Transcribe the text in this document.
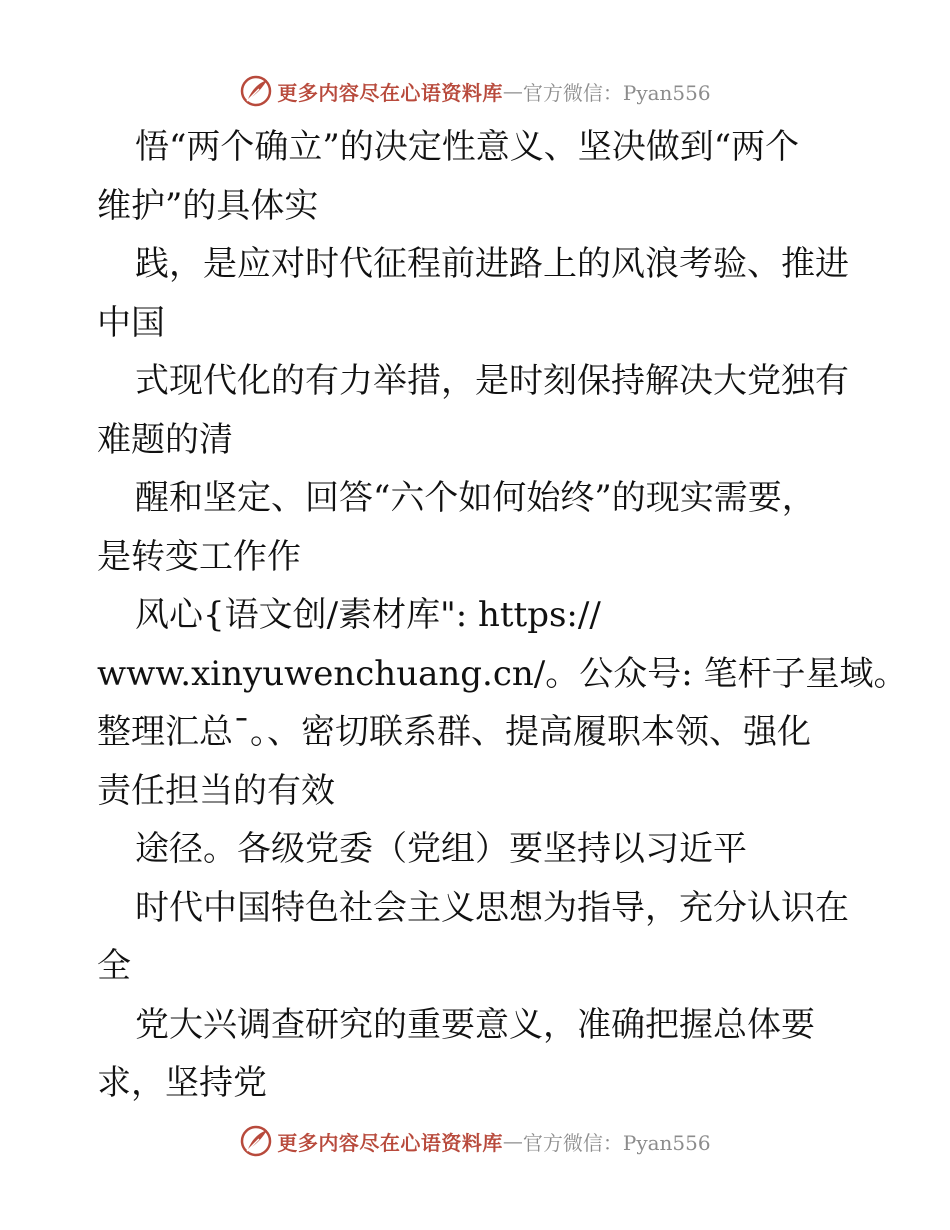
更多内容尽在心语资料库 — 官方微信：Pyan556
悟“两个确立”的决定性意义、坚决做到“两个
维护”的具体实
践，是应对时代征程前进路上的风浪考验、推进
中国
式现代化的有力举措，是时刻保持解决大党独有
难题的清
醒和坚定、回答“六个如何始终”的现实需要，
是转变工作作
风心{语文创/素材库": https://
www.xinyuwenchuang.cn/。公众号: 笔杆子星域。
整理汇总¯。、密切联系群、提高履职本领、强化
责任担当的有效
途径。各级党委（党组）要坚持以习近平
时代中国特色社会主义思想为指导，充分认识在
全
党大兴调查研究的重要意义，准确把握总体要
求，坚持党
更多内容尽在心语资料库 — 官方微信：Pyan556
